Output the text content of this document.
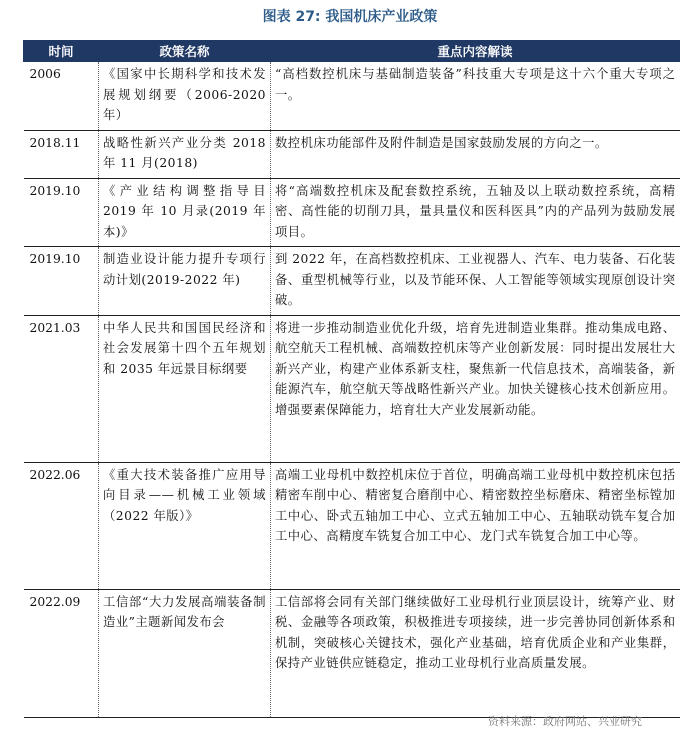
图表 27: 我国机床产业政策
时间	政策名称	重点内容解读
2006	《国家中长期科学和技术发展规划纲要（2006-2020 年）	“高档数控机床与基础制造装备”科技重大专项是这十六个重大专项之一。
2018.11	战略性新兴产业分类 2018 年 11 月(2018)	数控机床功能部件及附件制造是国家鼓励发展的方向之一。
2019.10	《产业结构调整指导目 2019 年 10 月录(2019 年本)》	将“高端数控机床及配套数控系统，五轴及以上联动数控系统，高精密、高性能的切削刀具，量具量仪和医科医具”内的产品列为鼓励发展项目。
2019.10	制造业设计能力提升专项行动计划(2019-2022 年)	到 2022 年，在高档数控机床、工业视器人、汽车、电力装备、石化装备、重型机械等行业，以及节能环保、人工智能等领域实现原创设计突破。
2021.03	中华人民共和国国民经济和社会发展第十四个五年规划和 2035 年远景目标纲要	将进一步推动制造业优化升级，培育先进制造业集群。推动集成电路、航空航天工程机械、高端数控机床等产业创新发展：同时提出发展壮大新兴产业，构建产业体系新支柱，聚焦新一代信息技术，高端装备，新能源汽车，航空航天等战略性新兴产业。加快关键核心技术创新应用。增强要素保障能力，培育壮大产业发展新动能。
2022.06	《重大技术装备推广应用导向目录——机械工业领域（2022 年版）》	高端工业母机中数控机床位于首位，明确高端工业母机中数控机床包括精密车削中心、精密复合磨削中心、精密数控坐标磨床、精密坐标镗加工中心、卧式五轴加工中心、立式五轴加工中心、五轴联动铣车复合加工中心、高精度车铣复合加工中心、龙门式车铣复合加工中心等。
2022.09	工信部“大力发展高端装备制造业”主题新闻发布会	工信部将会同有关部门继续做好工业母机行业顶层设计，统筹产业、财税、金融等各项政策，积极推进专项接续，进一步完善协同创新体系和机制，突破核心关键技术，强化产业基础，培育优质企业和产业集群，保持产业链供应链稳定，推动工业母机行业高质量发展。
资料来源：政府网站、兴业研究
